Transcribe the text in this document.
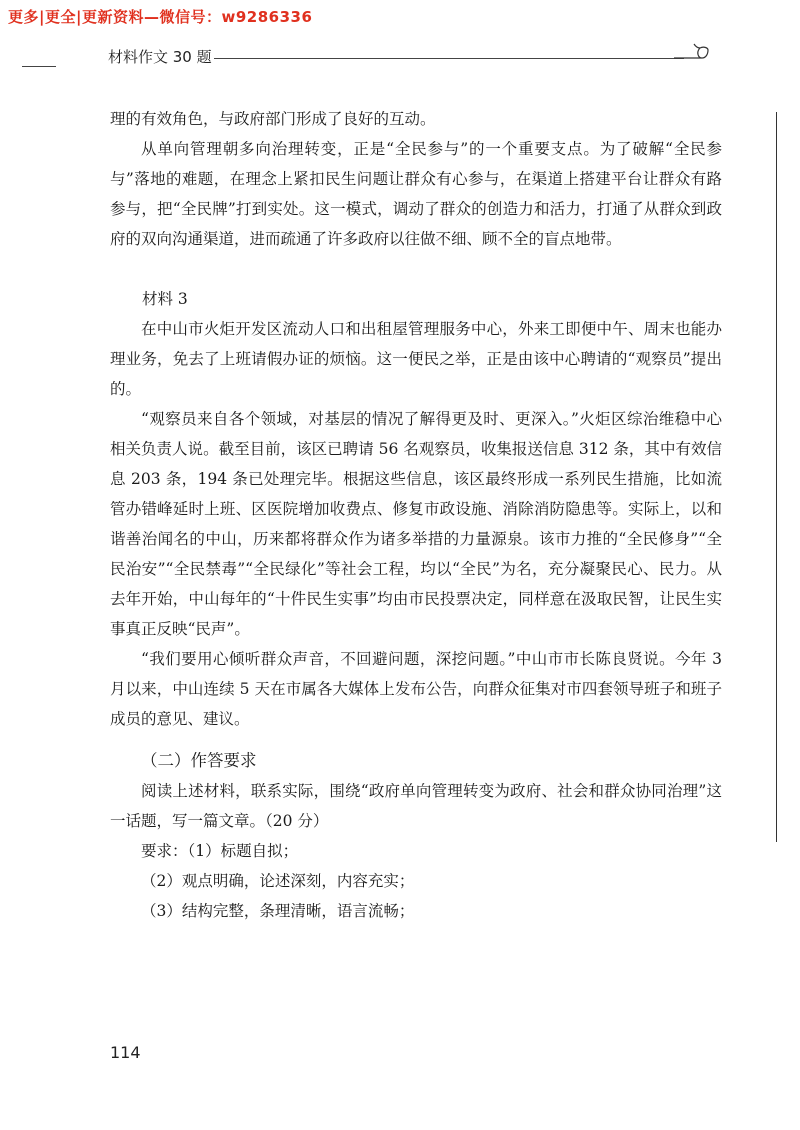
更多|更全|更新资料—微信号：w9286336
材料作文 30 题

理的有效角色，与政府部门形成了良好的互动。

从单向管理朝多向治理转变，正是“全民参与”的一个重要支点。为了破解“全民参与”落地的难题，在理念上紧扣民生问题让群众有心参与，在渠道上搭建平台让群众有路参与，把“全民牌”打到实处。这一模式，调动了群众的创造力和活力，打通了从群众到政府的双向沟通渠道，进而疏通了许多政府以往做不细、顾不全的盲点地带。

材料 3

在中山市火炬开发区流动人口和出租屋管理服务中心，外来工即便中午、周末也能办理业务，免去了上班请假办证的烦恼。这一便民之举，正是由该中心聘请的“观察员”提出的。

“观察员来自各个领域，对基层的情况了解得更及时、更深入。”火炬区综治维稳中心相关负责人说。截至目前，该区已聘请 56 名观察员，收集报送信息 312 条，其中有效信息 203 条，194 条已处理完毕。根据这些信息，该区最终形成一系列民生措施，比如流管办错峰延时上班、区医院增加收费点、修复市政设施、消除消防隐患等。实际上，以和谐善治闻名的中山，历来都将群众作为诸多举措的力量源泉。该市力推的“全民修身”“全民治安”“全民禁毒”“全民绿化”等社会工程，均以“全民”为名，充分凝聚民心、民力。从去年开始，中山每年的“十件民生实事”均由市民投票决定，同样意在汲取民智，让民生实事真正反映“民声”。

“我们要用心倾听群众声音，不回避问题，深挖问题。”中山市市长陈良贤说。今年 3 月以来，中山连续 5 天在市属各大媒体上发布公告，向群众征集对市四套领导班子和班子成员的意见、建议。

（二）作答要求

阅读上述材料，联系实际，围绕“政府单向管理转变为政府、社会和群众协同治理”这一话题，写一篇文章。（20 分）

要求：（1）标题自拟；

（2）观点明确，论述深刻，内容充实；

（3）结构完整，条理清晰，语言流畅；

114
